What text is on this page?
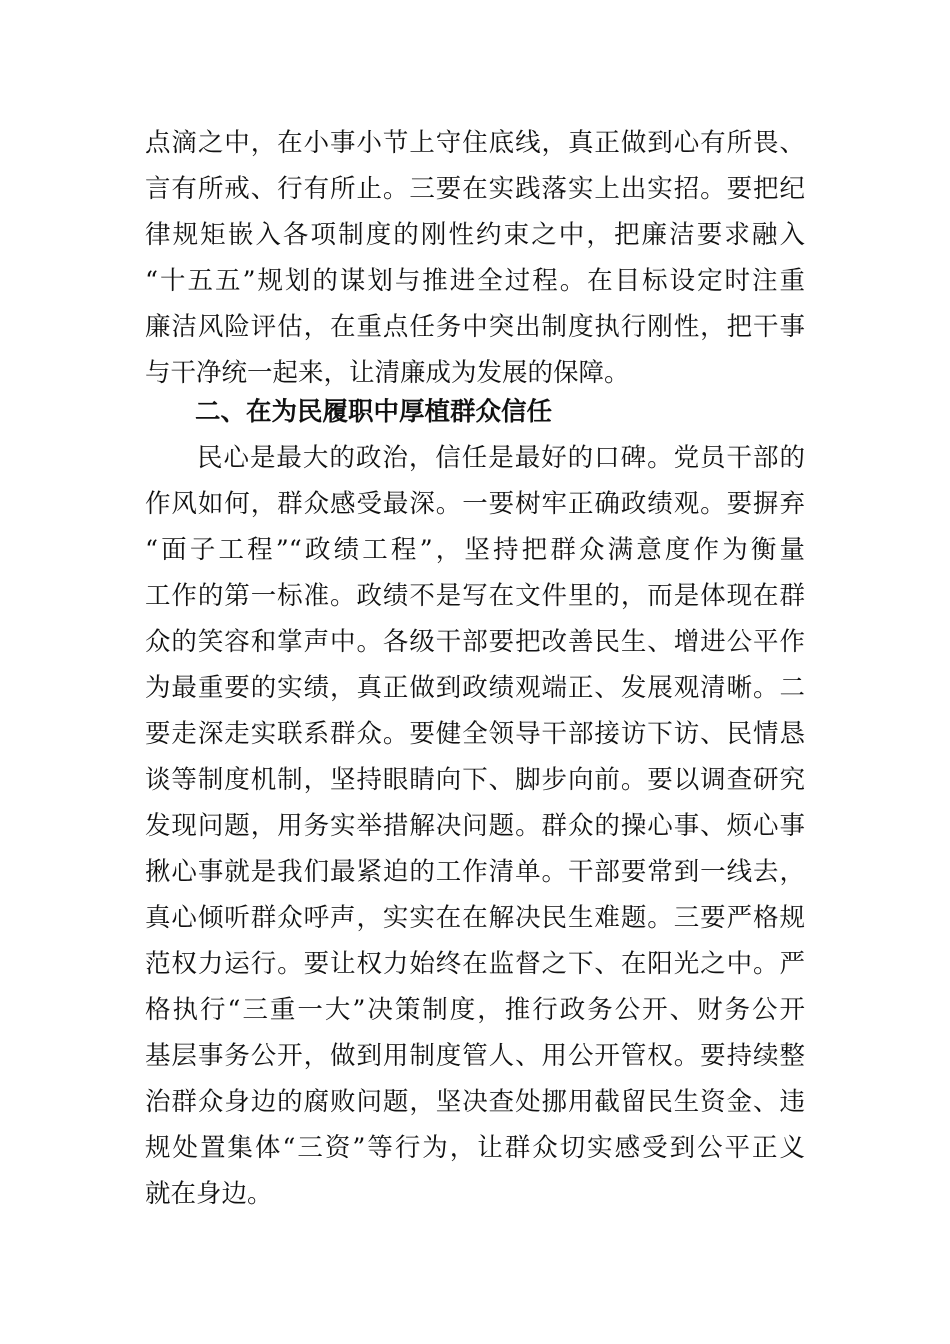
点滴之中，在小事小节上守住底线，真正做到心有所畏、
言有所戒、行有所止。三要在实践落实上出实招。要把纪
律规矩嵌入各项制度的刚性约束之中，把廉洁要求融入
“十五五”规划的谋划与推进全过程。在目标设定时注重
廉洁风险评估，在重点任务中突出制度执行刚性，把干事
与干净统一起来，让清廉成为发展的保障。
二、在为民履职中厚植群众信任
民心是最大的政治，信任是最好的口碑。党员干部的
作风如何，群众感受最深。一要树牢正确政绩观。要摒弃
“面子工程”“政绩工程”，坚持把群众满意度作为衡量
工作的第一标准。政绩不是写在文件里的，而是体现在群
众的笑容和掌声中。各级干部要把改善民生、增进公平作
为最重要的实绩，真正做到政绩观端正、发展观清晰。二
要走深走实联系群众。要健全领导干部接访下访、民情恳
谈等制度机制，坚持眼睛向下、脚步向前。要以调查研究
发现问题，用务实举措解决问题。群众的操心事、烦心事
揪心事就是我们最紧迫的工作清单。干部要常到一线去，
真心倾听群众呼声，实实在在解决民生难题。三要严格规
范权力运行。要让权力始终在监督之下、在阳光之中。严
格执行“三重一大”决策制度，推行政务公开、财务公开
基层事务公开，做到用制度管人、用公开管权。要持续整
治群众身边的腐败问题，坚决查处挪用截留民生资金、违
规处置集体“三资”等行为，让群众切实感受到公平正义
就在身边。
